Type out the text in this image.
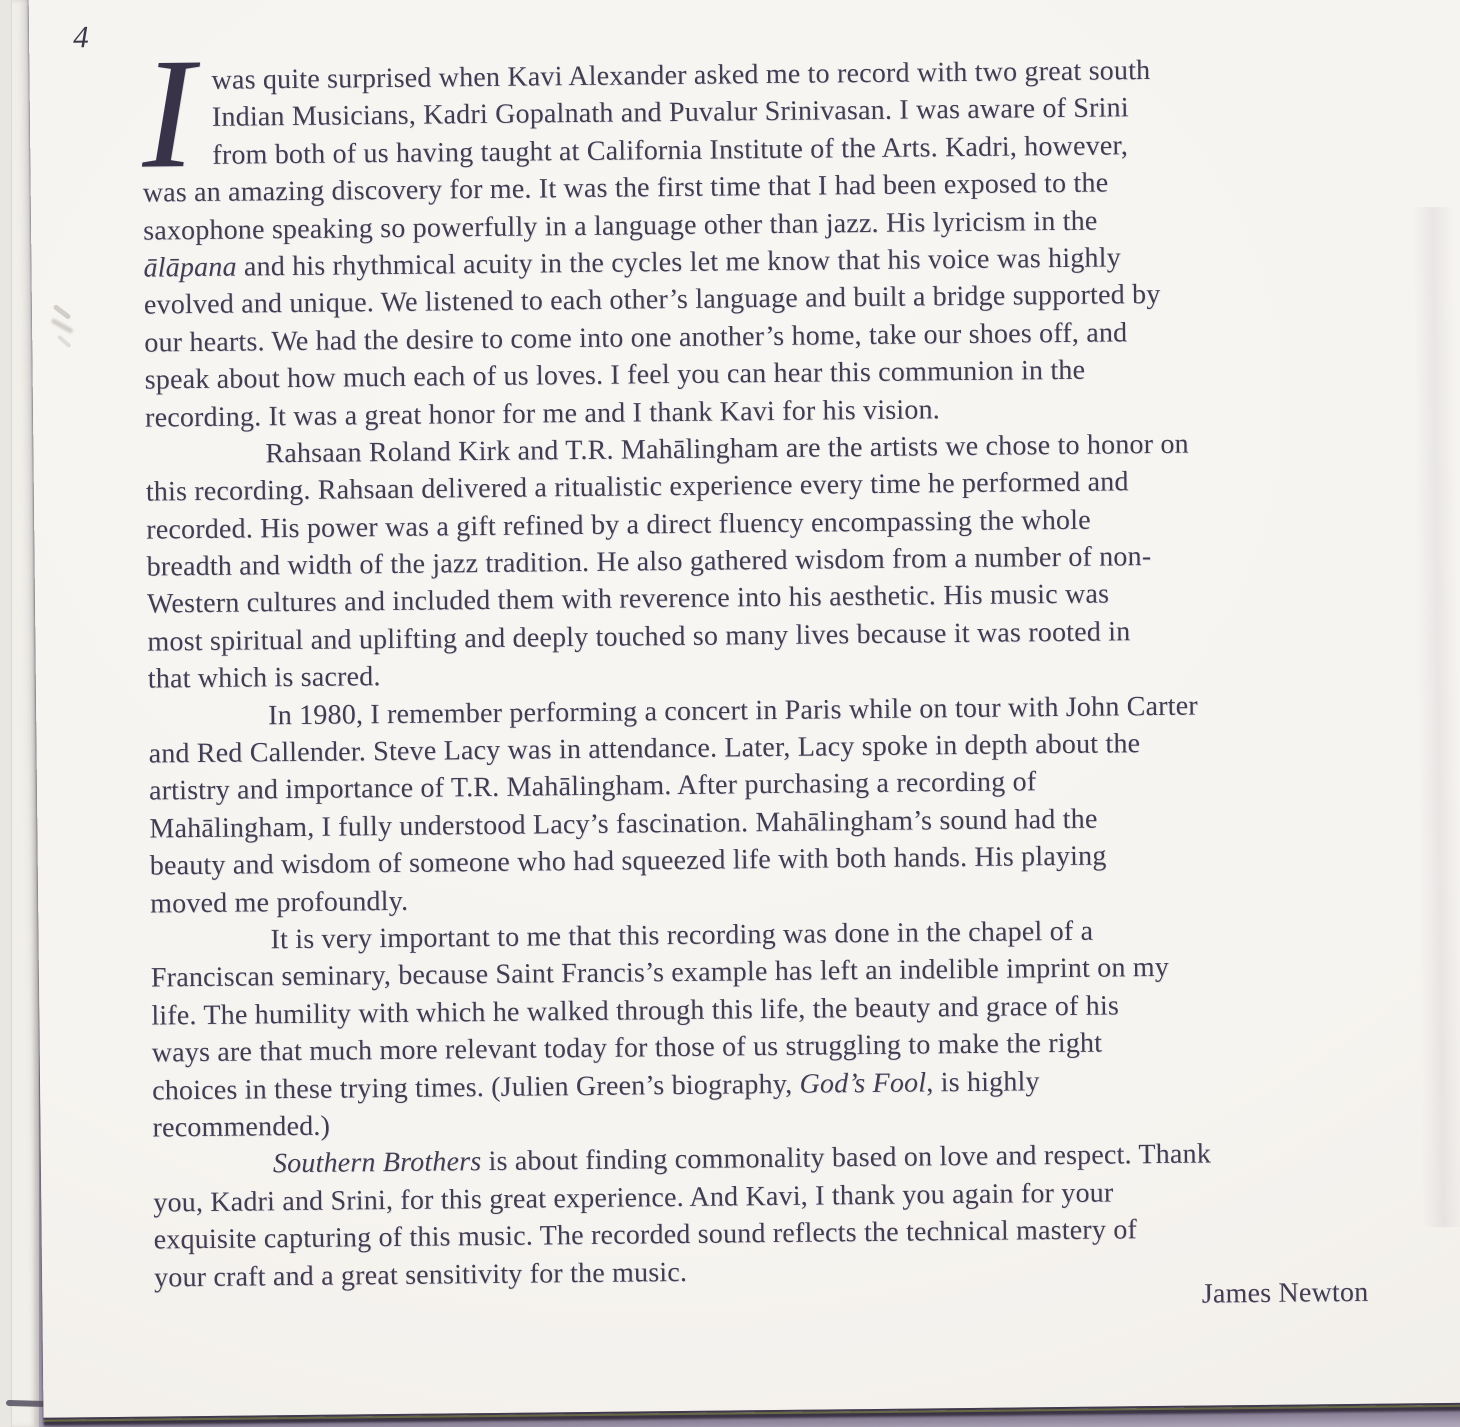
4 I was quite surprised when Kavi Alexander asked me to record with two great south
Indian Musicians, Kadri Gopalnath and Puvalur Srinivasan. I was aware of Srini
from both of us having taught at California Institute of the Arts. Kadri, however,
was an amazing discovery for me. It was the first time that I had been exposed to the
saxophone speaking so powerfully in a language other than jazz. His lyricism in the
ālāpana and his rhythmical acuity in the cycles let me know that his voice was highly
evolved and unique. We listened to each other’s language and built a bridge supported by
our hearts. We had the desire to come into one another’s home, take our shoes off, and
speak about how much each of us loves. I feel you can hear this communion in the
recording. It was a great honor for me and I thank Kavi for his vision.
Rahsaan Roland Kirk and T.R. Mahālingham are the artists we chose to honor on
this recording. Rahsaan delivered a ritualistic experience every time he performed and
recorded. His power was a gift refined by a direct fluency encompassing the whole
breadth and width of the jazz tradition. He also gathered wisdom from a number of non-
Western cultures and included them with reverence into his aesthetic. His music was
most spiritual and uplifting and deeply touched so many lives because it was rooted in
that which is sacred.
In 1980, I remember performing a concert in Paris while on tour with John Carter
and Red Callender. Steve Lacy was in attendance. Later, Lacy spoke in depth about the
artistry and importance of T.R. Mahālingham. After purchasing a recording of
Mahālingham, I fully understood Lacy’s fascination. Mahālingham’s sound had the
beauty and wisdom of someone who had squeezed life with both hands. His playing
moved me profoundly.
It is very important to me that this recording was done in the chapel of a
Franciscan seminary, because Saint Francis’s example has left an indelible imprint on my
life. The humility with which he walked through this life, the beauty and grace of his
ways are that much more relevant today for those of us struggling to make the right
choices in these trying times. (Julien Green’s biography, God’s Fool, is highly
recommended.)
Southern Brothers is about finding commonality based on love and respect. Thank
you, Kadri and Srini, for this great experience. And Kavi, I thank you again for your
exquisite capturing of this music. The recorded sound reflects the technical mastery of
your craft and a great sensitivity for the music.
James Newton
